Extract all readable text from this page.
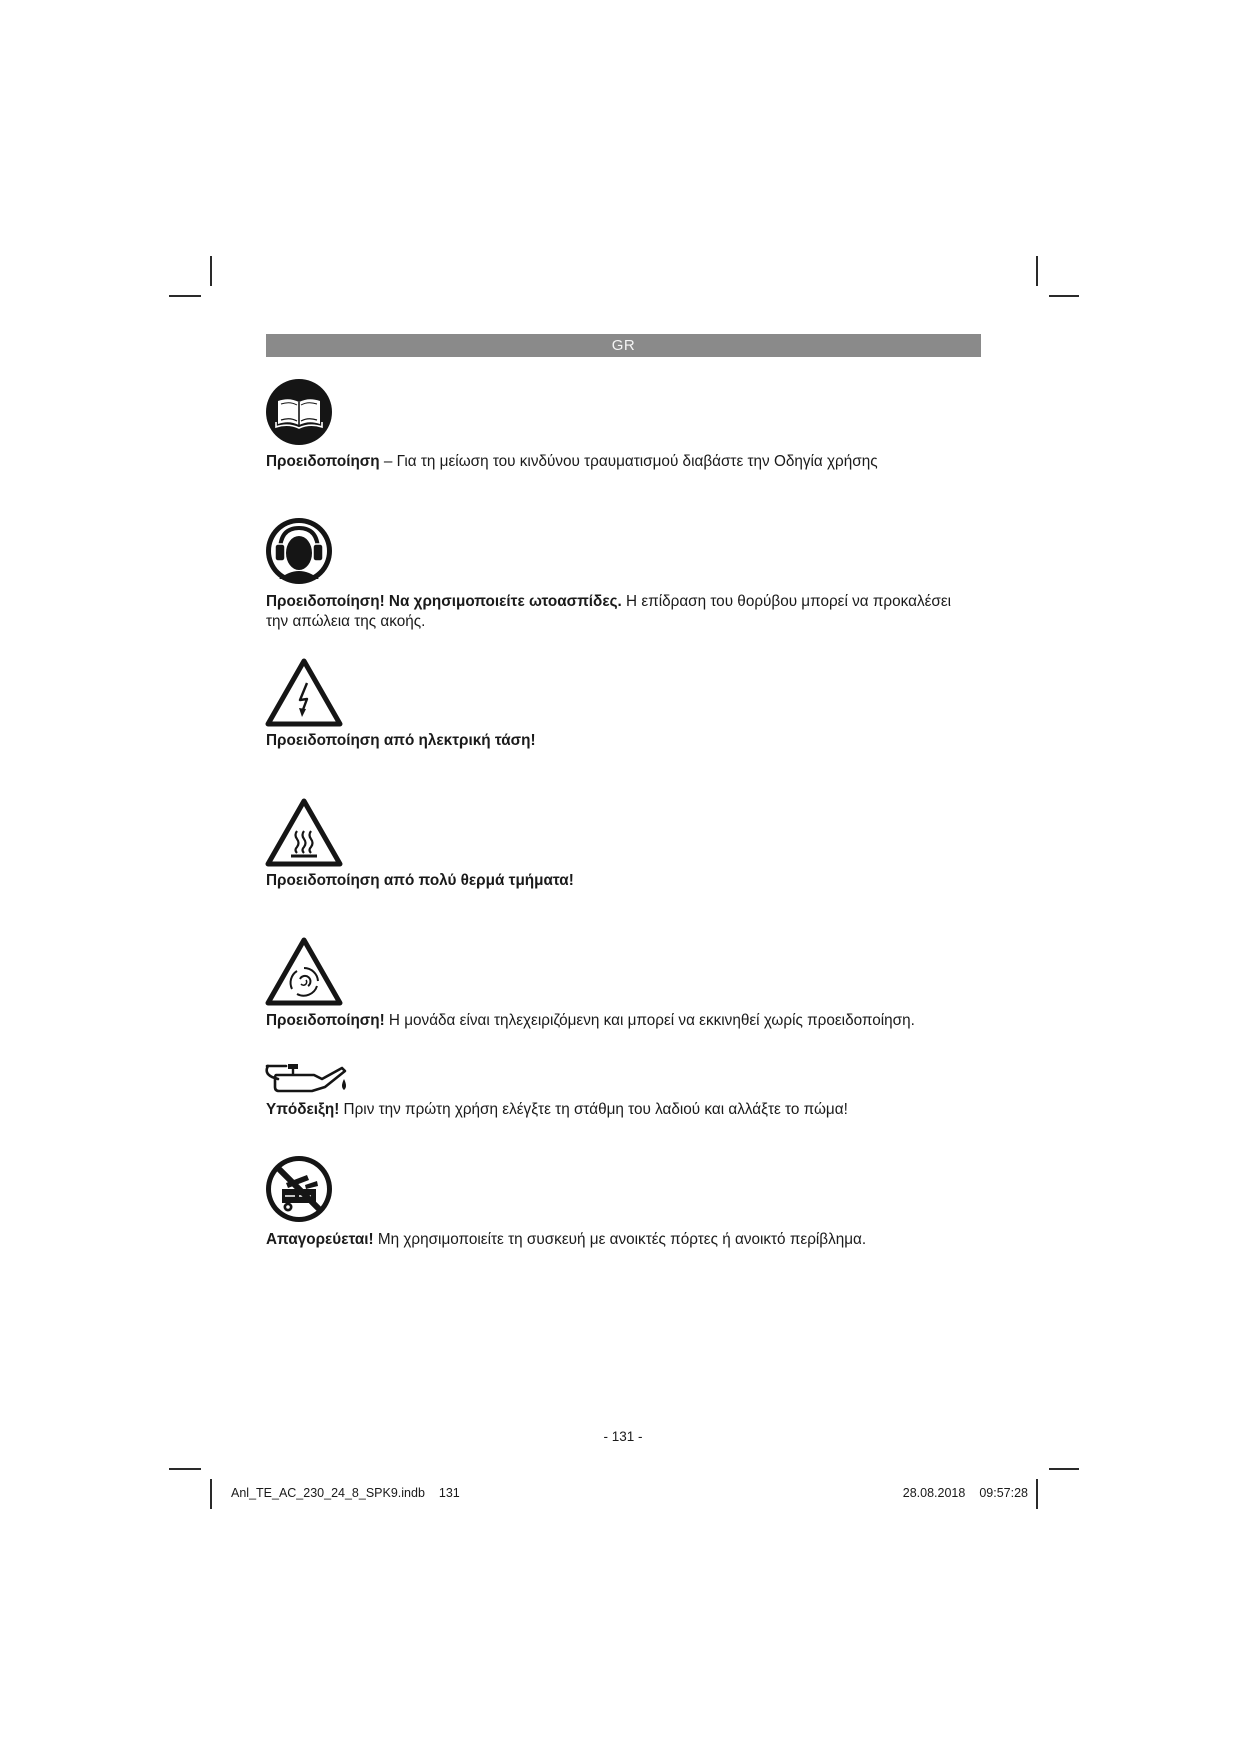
GR

Προειδοποίηση – Για τη μείωση του κινδύνου τραυματισμού διαβάστε την Οδηγία χρήσης

Προειδοποίηση! Να χρησιμοποιείτε ωτοασπίδες. Η επίδραση του θορύβου μπορεί να προκαλέσει
την απώλεια της ακοής.

Προειδοποίηση από ηλεκτρική τάση!

Προειδοποίηση από πολύ θερμά τμήματα!

Προειδοποίηση! Η μονάδα είναι τηλεχειριζόμενη και μπορεί να εκκινηθεί χωρίς προειδοποίηση.

Υπόδειξη! Πριν την πρώτη χρήση ελέγξτε τη στάθμη του λαδιού και αλλάξτε το πώμα!

Απαγορεύεται! Μη χρησιμοποιείτε τη συσκευή με ανοικτές πόρτες ή ανοικτό περίβλημα.

- 131 -
Anl_TE_AC_230_24_8_SPK9.indb 131	28.08.2018 09:57:28
